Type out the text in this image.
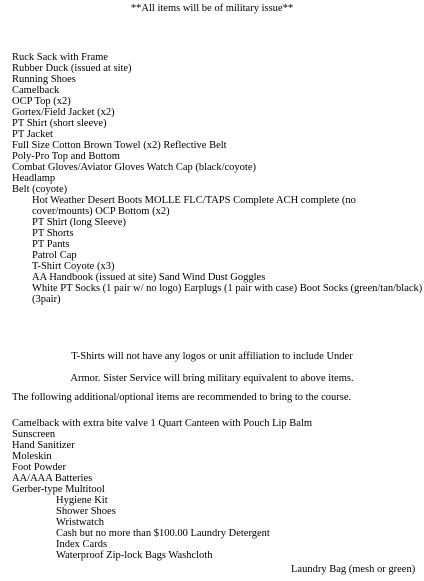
**All items will be of military issue**
Ruck Sack with Frame
Rubber Duck (issued at site)
Running Shoes
Camelback
OCP Top (x2)
Gortex/Field Jacket (x2)
PT Shirt (short sleeve)
PT Jacket
Full Size Cotton Brown Towel (x2) Reflective Belt
Poly-Pro Top and Bottom
Combat Gloves/Aviator Gloves Watch Cap (black/coyote)
Headlamp
Belt (coyote)
Hot Weather Desert Boots MOLLE FLC/TAPS Complete ACH complete (no
cover/mounts) OCP Bottom (x2)
PT Shirt (long Sleeve)
PT Shorts
PT Pants
Patrol Cap
T-Shirt Coyote (x3)
AA Handbook (issued at site) Sand Wind Dust Goggles
White PT Socks (1 pair w/ no logo) Earplugs (1 pair with case) Boot Socks (green/tan/black)
(3pair)
T-Shirts will not have any logos or unit affiliation to include Under
Armor. Sister Service will bring military equivalent to above items.
The following additional/optional items are recommended to bring to the course.
Camelback with extra bite valve 1 Quart Canteen with Pouch Lip Balm
Sunscreen
Hand Sanitizer
Moleskin
Foot Powder
AA/AAA Batteries
Gerber-type Multitool
Hygiene Kit
Shower Shoes
Wristwatch
Cash but no more than $100.00 Laundry Detergent
Index Cards
Waterproof Zip-lock Bags Washcloth
Laundry Bag (mesh or green)
